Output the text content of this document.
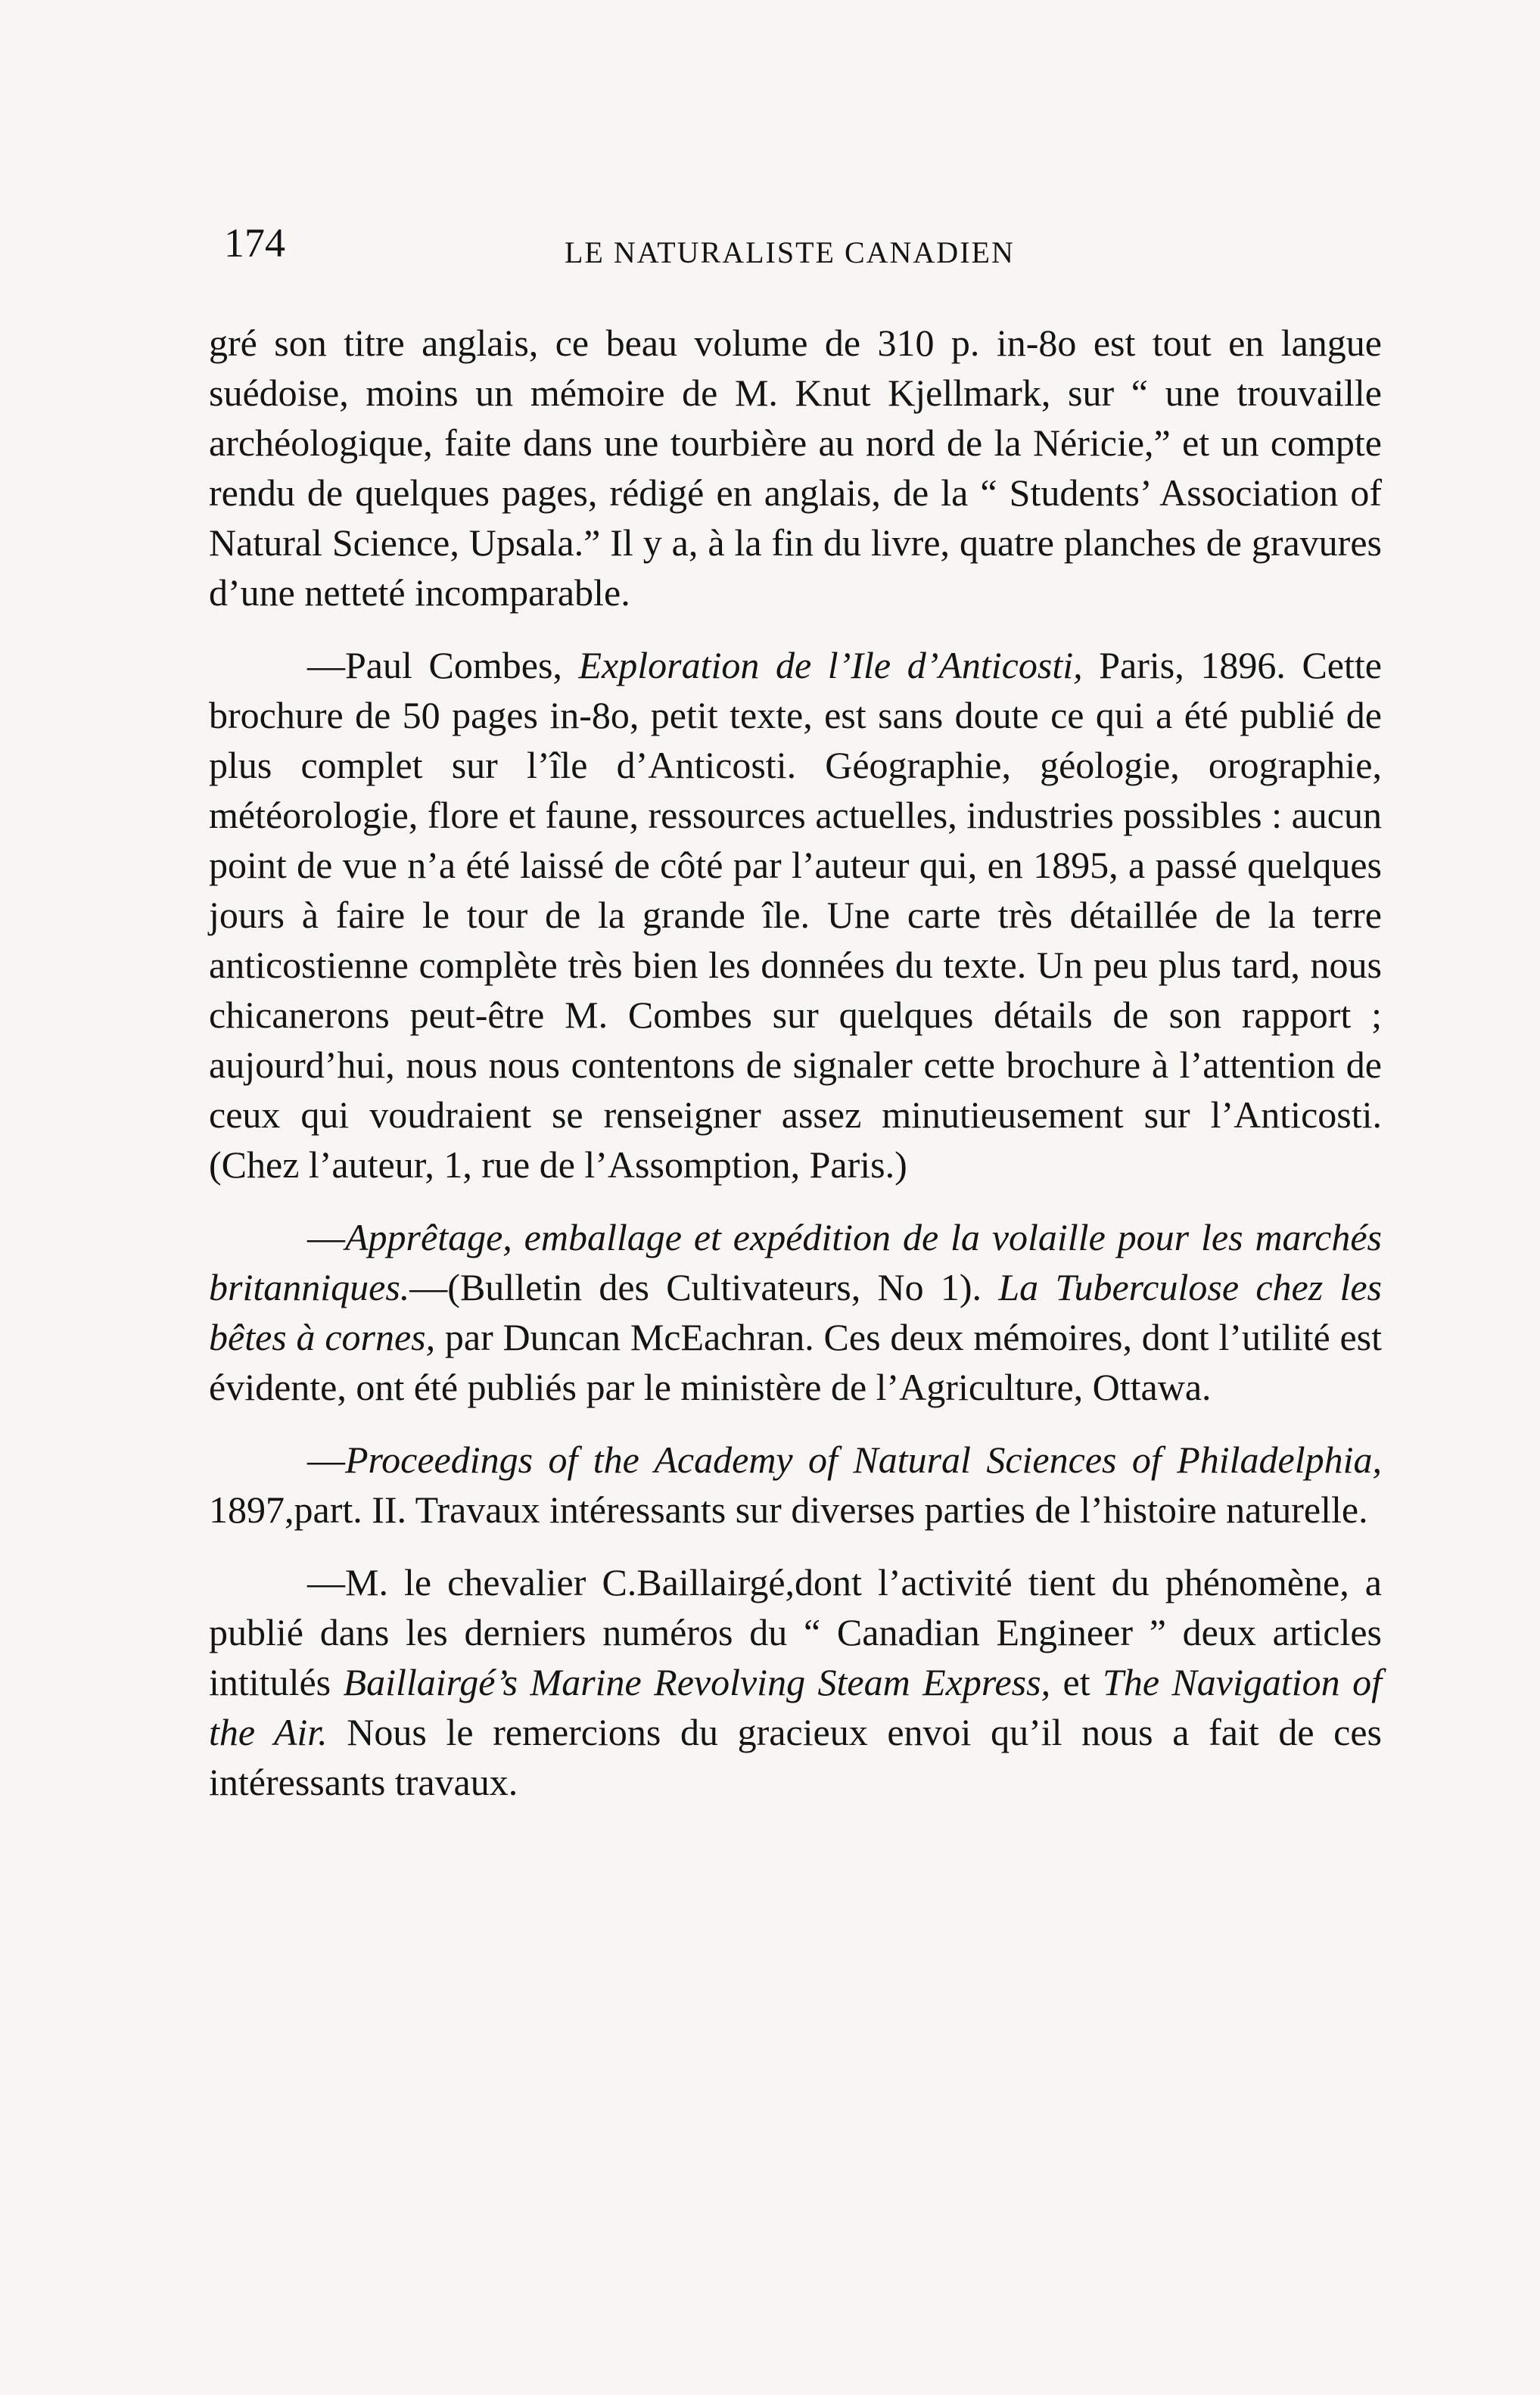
174	LE NATURALISTE CANADIEN

gré son titre anglais, ce beau volume de 310 p. in-8o est tout en langue suédoise, moins un mémoire de M. Knut Kjellmark, sur “ une trouvaille archéologique, faite dans une tourbière au nord de la Néricie,” et un compte rendu de quelques pages, rédigé en anglais, de la “ Students’ Association of Natural Science, Upsala.” Il y a, à la fin du livre, quatre planches de gravures d’une netteté incomparable.

—Paul Combes, Exploration de l’Ile d’Anticosti, Paris, 1896. Cette brochure de 50 pages in-8o, petit texte, est sans doute ce qui a été publié de plus complet sur l’île d’Anticosti. Géographie, géologie, orographie, météorologie, flore et faune, ressources actuelles, industries possibles : aucun point de vue n’a été laissé de côté par l’auteur qui, en 1895, a passé quelques jours à faire le tour de la grande île. Une carte très détaillée de la terre anticostienne complète très bien les données du texte. Un peu plus tard, nous chicanerons peut-être M. Combes sur quelques détails de son rapport ; aujourd’hui, nous nous contentons de signaler cette brochure à l’attention de ceux qui voudraient se renseigner assez minutieusement sur l’Anticosti. (Chez l’auteur, 1, rue de l’Assomption, Paris.)

—Apprêtage, emballage et expédition de la volaille pour les marchés britanniques.—(Bulletin des Cultivateurs, No 1). La Tuberculose chez les bêtes à cornes, par Duncan McEachran. Ces deux mémoires, dont l’utilité est évidente, ont été publiés par le ministère de l’Agriculture, Ottawa.

—Proceedings of the Academy of Natural Sciences of Philadelphia, 1897,part. II. Travaux intéressants sur diverses parties de l’histoire naturelle.

—M. le chevalier C.Baillairgé,dont l’activité tient du phénomène, a publié dans les derniers numéros du “ Canadian Engineer ” deux articles intitulés Baillairgé’s Marine Revolving Steam Express, et The Navigation of the Air. Nous le remercions du gracieux envoi qu’il nous a fait de ces intéressants travaux.
